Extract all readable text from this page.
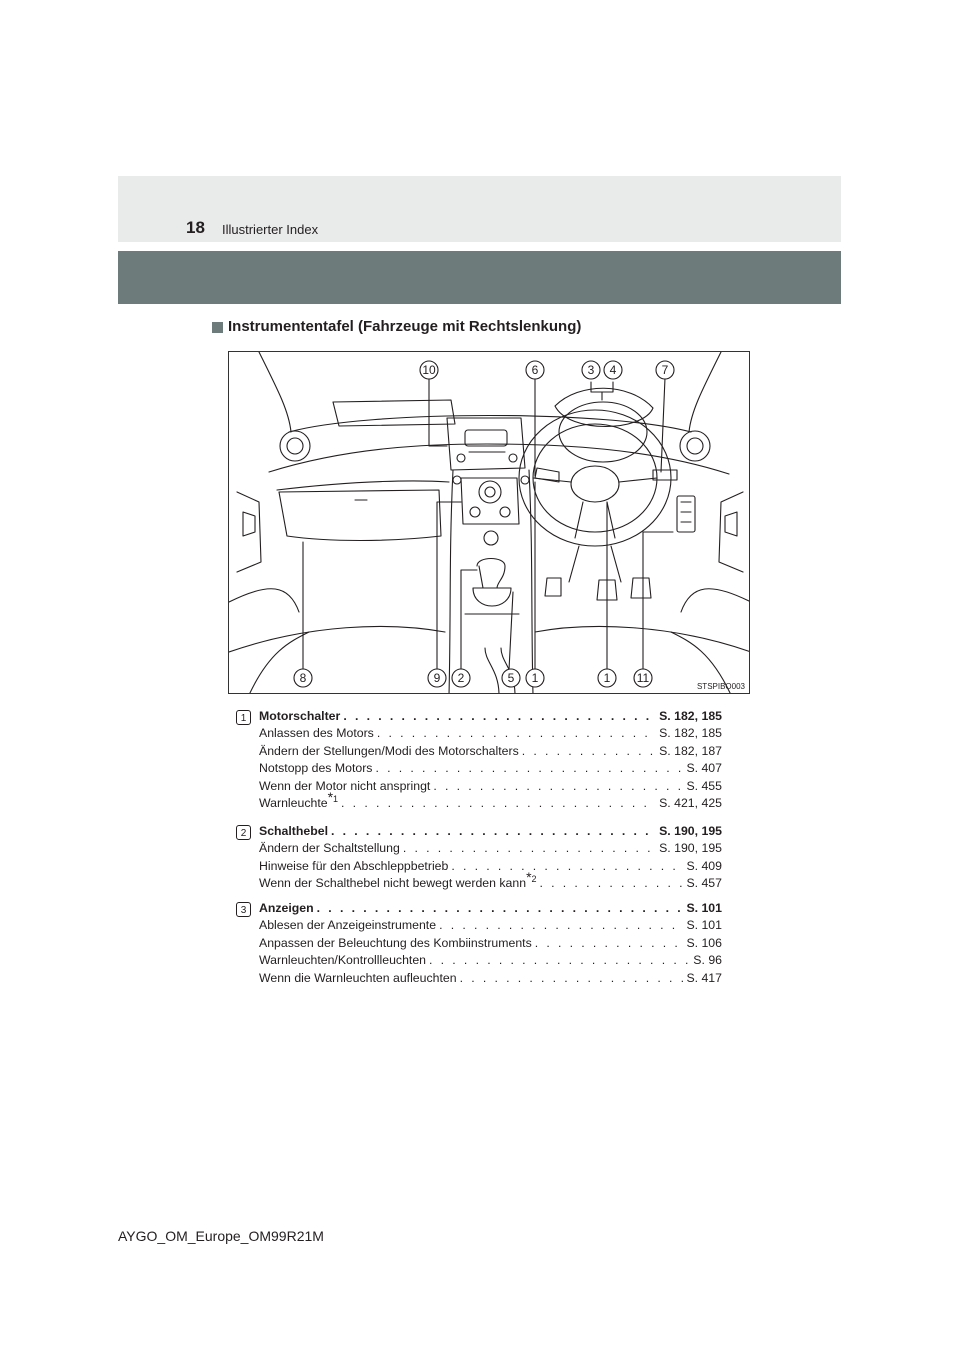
18 Illustrierter Index
Instrumententafel (Fahrzeuge mit Rechtslenkung)
10	6	3 4	7
8	9 2	5 1	1 11
STSPIBO003
1	Motorschalter . . .	S. 182, 185
Anlassen des Motors . . .	S. 182, 185
Ändern der Stellungen/Modi des Motorschalters . . .	S. 182, 187
Notstopp des Motors . . .	S. 407
Wenn der Motor nicht anspringt . . .	S. 455
Warnleuchte$^{*1}$ . . .	S. 421, 425
2	Schalthebel . . .	S. 190, 195
Ändern der Schaltstellung . . .	S. 190, 195
Hinweise für den Abschleppbetrieb . . .	S. 409
Wenn der Schalthebel nicht bewegt werden kann$^{*2}$ . . .	S. 457
3	Anzeigen . . .	S. 101
Ablesen der Anzeigeinstrumente . . .	S. 101
Anpassen der Beleuchtung des Kombiinstruments . . .	S. 106
Warnleuchten/Kontrollleuchten . . .	S. 96
Wenn die Warnleuchten aufleuchten . . .	S. 417
AYGO_OM_Europe_OM99R21M
